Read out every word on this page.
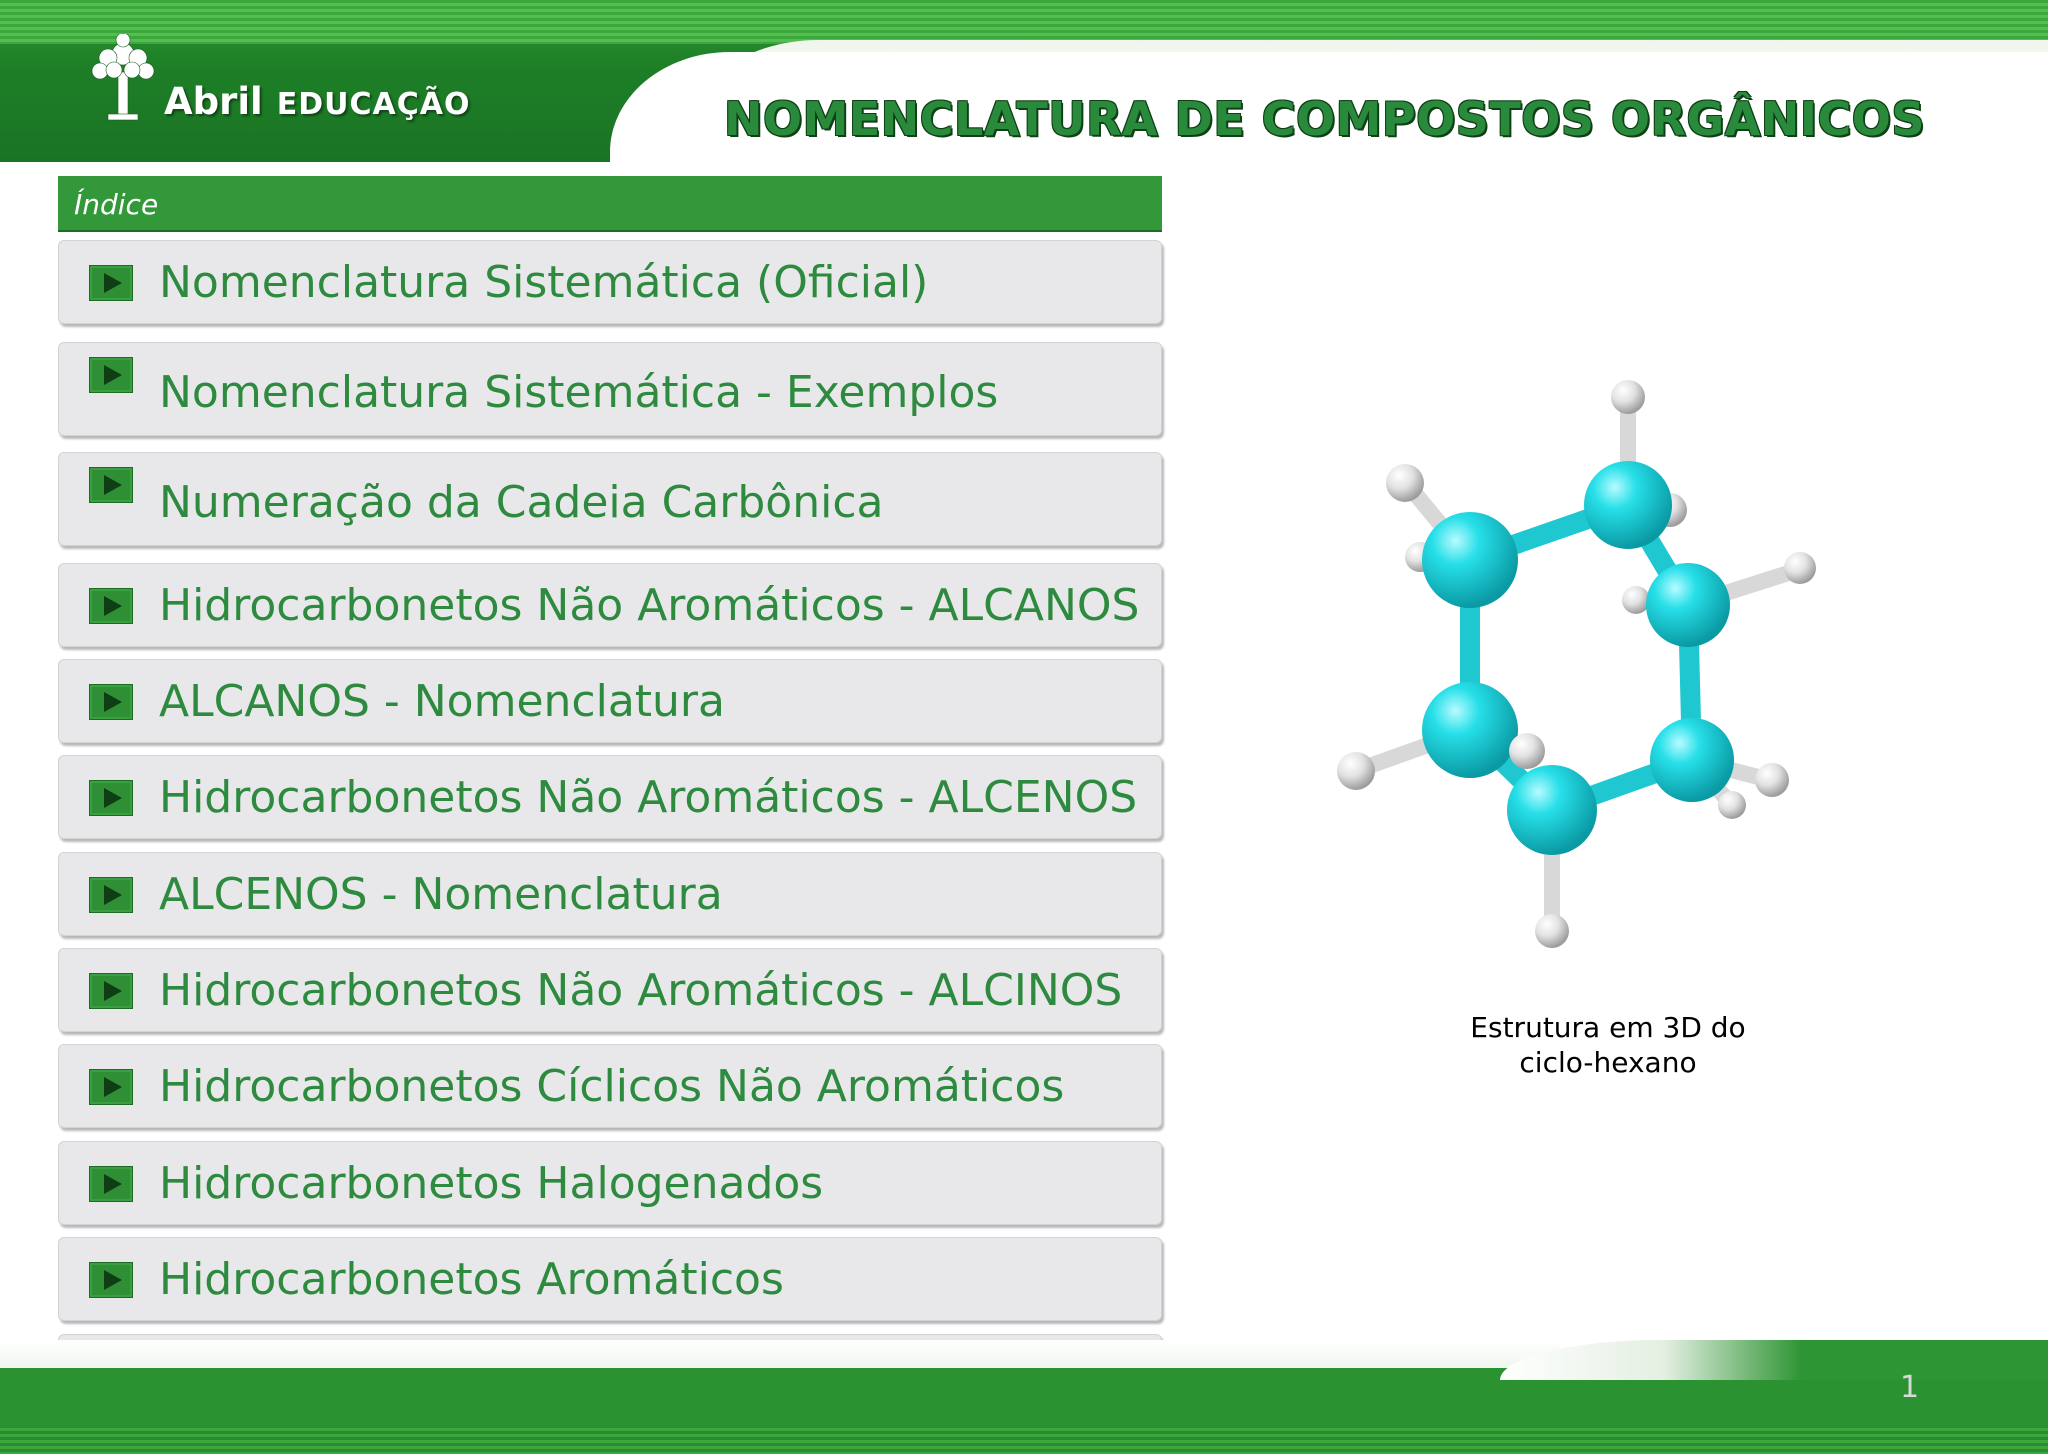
Abril EDUCAÇÃO	NOMENCLATURA DE COMPOSTOS ORGÂNICOS
Índice
Nomenclatura Sistemática (Oficial)
Nomenclatura Sistemática - Exemplos
Numeração da Cadeia Carbônica
Hidrocarbonetos Não Aromáticos - ALCANOS
ALCANOS - Nomenclatura
Hidrocarbonetos Não Aromáticos - ALCENOS
ALCENOS - Nomenclatura
Hidrocarbonetos Não Aromáticos - ALCINOS
Hidrocarbonetos Cíclicos Não Aromáticos
Hidrocarbonetos Halogenados
Hidrocarbonetos Aromáticos
Estrutura em 3D do
ciclo-hexano
1
